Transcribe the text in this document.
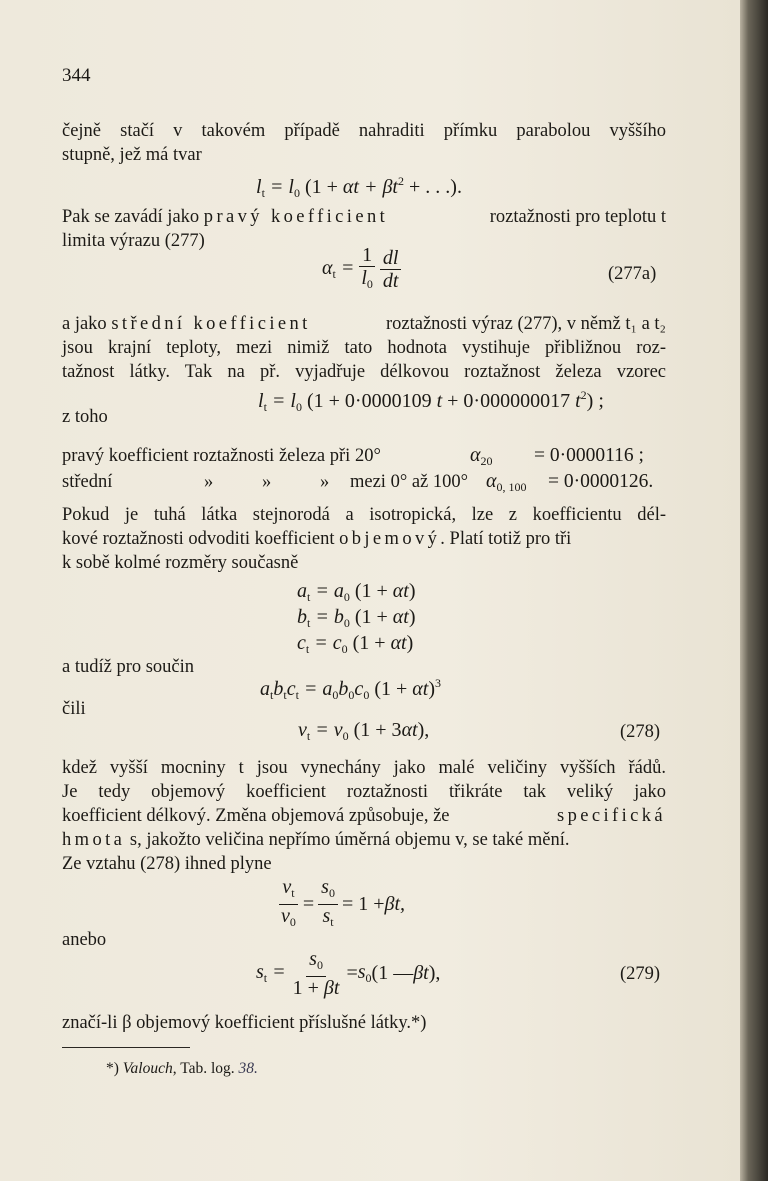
344
čejně stačí v takovém případě nahraditi přímku parabolou vyššího
stupně, jež má tvar
$l_t = l_0$ ($1 + \alpha t + \beta t^2$ + . . .).
Pak se zavádí jako pravý koefficient	roztažnosti pro teplotu t
limita výrazu (277)
$\alpha_t = \frac{1}{l_0} \frac{dl}{dt}$	(277a)
a jako střední koefficient	roztažnosti výraz (277), v němž t₁ a t₂
jsou krajní teploty, mezi nimiž tato hodnota vystihuje přibližnou roz-
tažnost látky. Tak na př. vyjadřuje délkovou roztažnost železa vzorec
$l_t = l_0$ (1 + 0·0000109 t + 0·000000017 $t^2$) ;
z toho
pravý koefficient roztažnosti železa při 20°	$\alpha_{20} = 0\cdot 0000116$ ;
střední	»	»	» mezi 0° až 100° $\alpha_{0, 100} = 0\cdot 0000126$.
Pokud je tuhá látka stejnorodá a isotropická, lze z koefficientu dél-
kové roztažnosti odvoditi koefficient objemový. Platí totiž pro tři
k sobě kolmé rozměry současně
$a_t = a_0$ (1 + αt)
$b_t = b_0$ (1 + αt)
$c_t = c_0$ (1 + αt)
a tudíž pro součin
$a_tb_tc_t = a_0b_0c_0$ $(1 + \alpha t)^3$
čili
$v_t = v_0$ (1 + 3αt),	(278)
kdež vyšší mocniny t jsou vynechány jako malé veličiny vyšších řádů.
Je tedy objemový koefficient roztažnosti třikráte tak veliký jako
koefficient délkový. Změna objemová způsobuje, že	specifická
hmota s, jakožto veličina nepřímo úměrná objemu v, se také mění.
Ze vztahu (278) ihned plyne
$\frac{v_t}{v_0} = \frac{s_0}{s_t} = 1 + \beta t$,
anebo
$s_t = \frac{s_0}{1 + \beta t} = s_0$ (1 — βt ),	(279)
značí-li β objemový koefficient příslušné látky.*)
*) Valouch, Tab. log. 38.
